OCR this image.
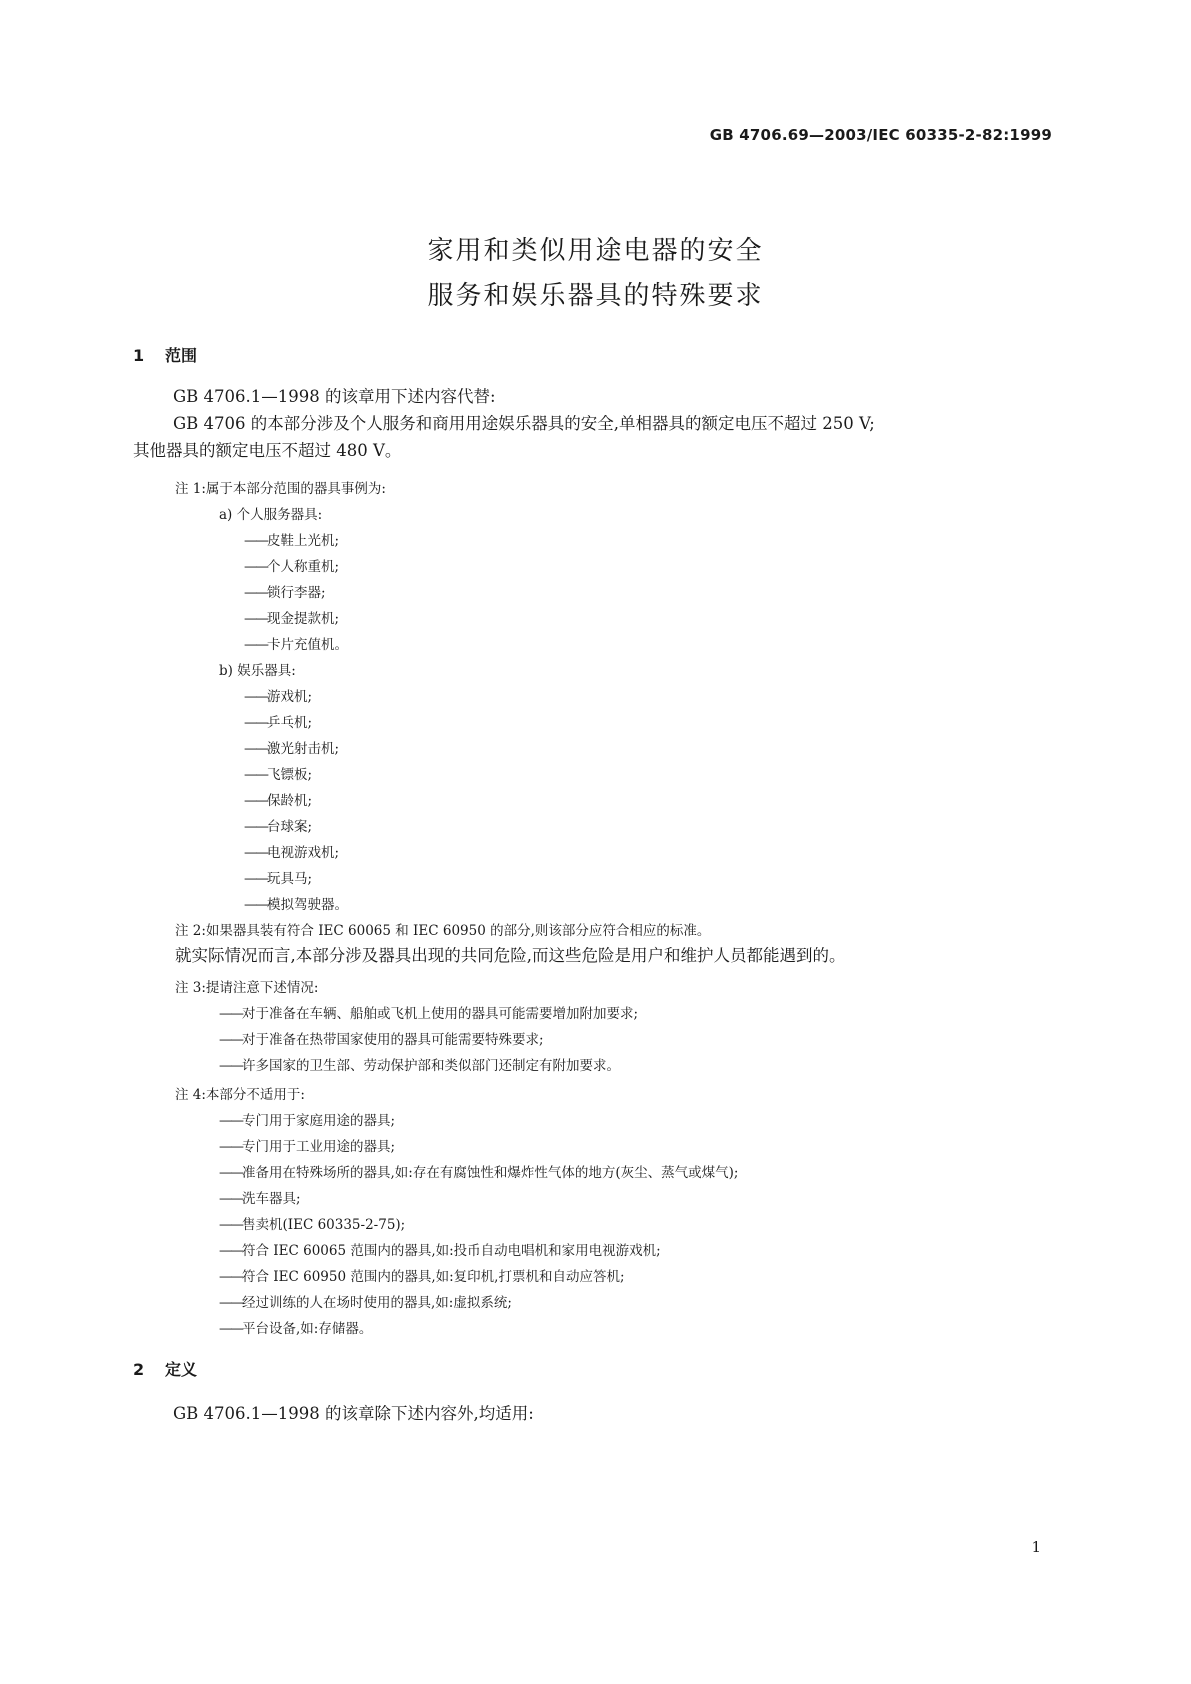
GB 4706.69—2003/IEC 60335-2-82:1999
家用和类似用途电器的安全
服务和娱乐器具的特殊要求
1 范围
GB 4706.1—1998 的该章用下述内容代替:
GB 4706 的本部分涉及个人服务和商用用途娱乐器具的安全,单相器具的额定电压不超过 250 V;
其他器具的额定电压不超过 480 V。
注 1:属于本部分范围的器具事例为:
a) 个人服务器具:
——皮鞋上光机;
——个人称重机;
——锁行李器;
——现金提款机;
——卡片充值机。
b) 娱乐器具:
——游戏机;
——乒乓机;
——激光射击机;
——飞镖板;
——保龄机;
——台球案;
——电视游戏机;
——玩具马;
——模拟驾驶器。
注 2:如果器具装有符合 IEC 60065 和 IEC 60950 的部分,则该部分应符合相应的标准。
就实际情况而言,本部分涉及器具出现的共同危险,而这些危险是用户和维护人员都能遇到的。
注 3:提请注意下述情况:
——对于准备在车辆、船舶或飞机上使用的器具可能需要增加附加要求;
——对于准备在热带国家使用的器具可能需要特殊要求;
——许多国家的卫生部、劳动保护部和类似部门还制定有附加要求。
注 4:本部分不适用于:
——专门用于家庭用途的器具;
——专门用于工业用途的器具;
——准备用在特殊场所的器具,如:存在有腐蚀性和爆炸性气体的地方(灰尘、蒸气或煤气);
——洗车器具;
——售卖机(IEC 60335-2-75);
——符合 IEC 60065 范围内的器具,如:投币自动电唱机和家用电视游戏机;
——符合 IEC 60950 范围内的器具,如:复印机,打票机和自动应答机;
——经过训练的人在场时使用的器具,如:虚拟系统;
——平台设备,如:存储器。
2 定义
GB 4706.1—1998 的该章除下述内容外,均适用:
1
